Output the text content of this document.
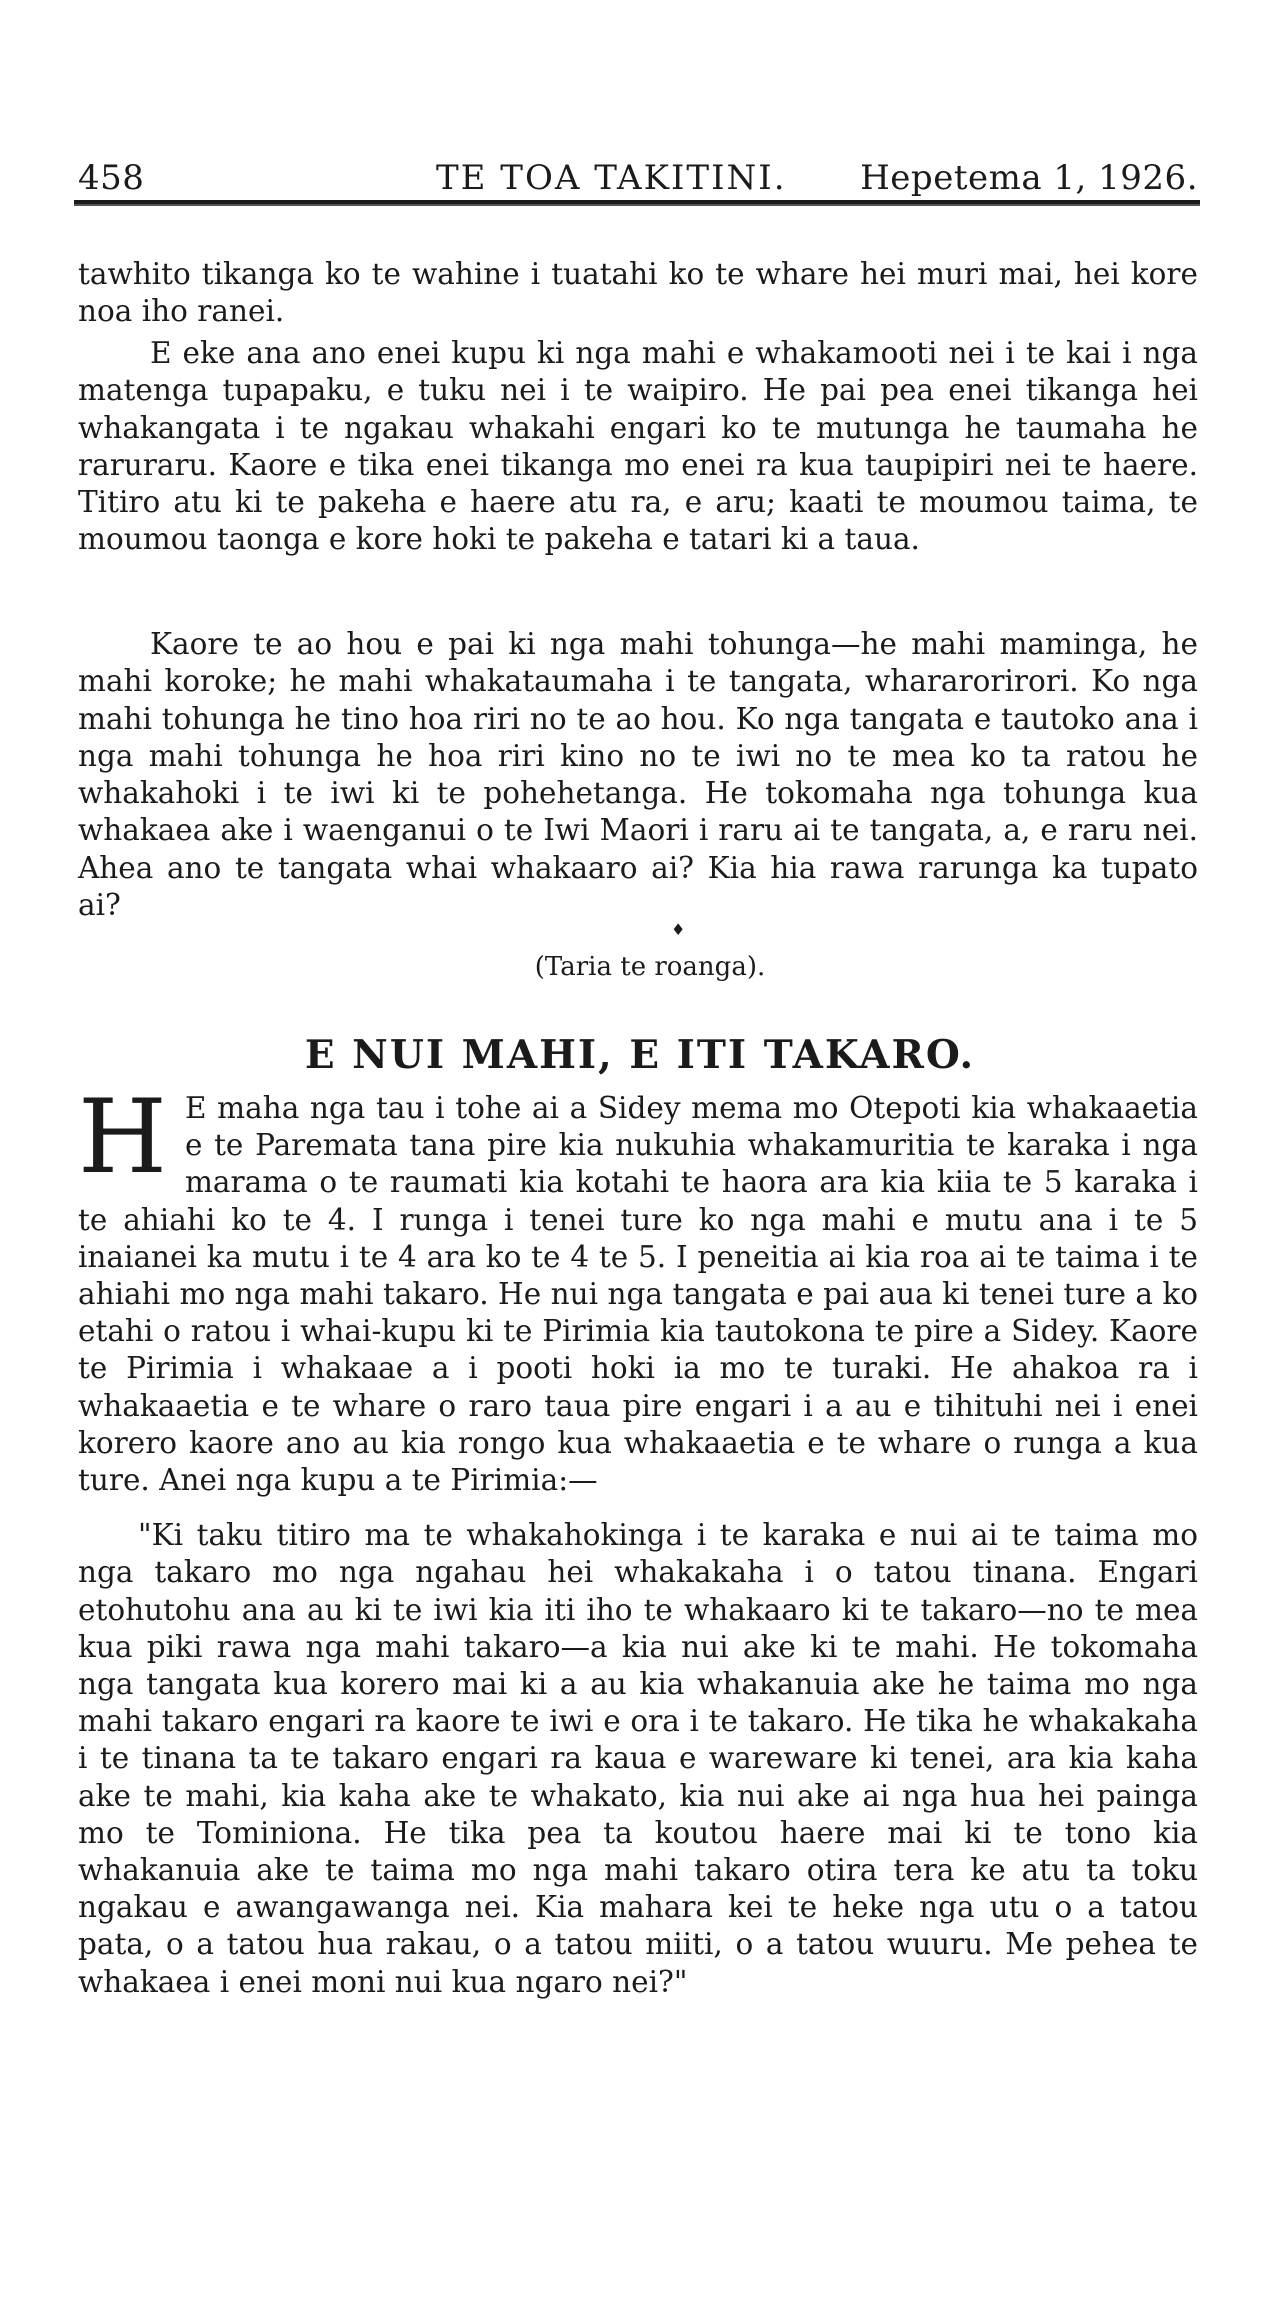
458	TE TOA TAKITINI. Hepetema 1, 1926.

tawhito tikanga ko te wahine i tuatahi ko te whare hei muri mai, hei kore noa iho ranei.

E eke ana ano enei kupu ki nga mahi e whakamooti nei i te kai i nga matenga tupapaku, e tuku nei i te waipiro. He pai pea enei tikanga hei whakangata i te ngakau whakahi engari ko te mutunga he taumaha he raruraru. Kaore e tika enei tikanga mo enei ra kua taupipiri nei te haere. Titiro atu ki te pakeha e haere atu ra, e aru; kaati te moumou taima, te moumou taonga e kore hoki te pakeha e tatari ki a taua.

Kaore te ao hou e pai ki nga mahi tohunga—he mahi maminga, he mahi koroke; he mahi whakataumaha i te tangata, whararorirori. Ko nga mahi tohunga he tino hoa riri no te ao hou. Ko nga tangata e tautoko ana i nga mahi tohunga he hoa riri kino no te iwi no te mea ko ta ratou he whakahoki i te iwi ki te pohehetanga. He tokomaha nga tohunga kua whakaea ake i waenganui o te Iwi Maori i raru ai te tangata, a, e raru nei. Ahea ano te tangata whai whakaaro ai? Kia hia rawa rarunga ka tupato ai?

♦
(Taria te roanga).
E NUI MAHI, E ITI TAKARO.

H E maha nga tau i tohe ai a Sidey mema mo Otepoti kia whakaaetia e te Paremata tana pire kia nukuhia whakamuritia te karaka i nga marama o te raumati kia kotahi te haora ara kia kiia te 5 karaka i te ahiahi ko te 4. I runga i tenei ture ko nga mahi e mutu ana i te 5 inaianei ka mutu i te 4 ara ko te 4 te 5. I peneitia ai kia roa ai te taima i te ahiahi mo nga mahi takaro. He nui nga tangata e pai aua ki tenei ture a ko etahi o ratou i whai-kupu ki te Pirimia kia tautokona te pire a Sidey. Kaore te Pirimia i whakaae a i pooti hoki ia mo te turaki. He ahakoa ra i whakaaetia e te whare o raro taua pire engari i a au e tihituhi nei i enei korero kaore ano au kia rongo kua whakaaetia e te whare o runga a kua ture. Anei nga kupu a te Pirimia:—

"Ki taku titiro ma te whakahokinga i te karaka e nui ai te taima mo nga takaro mo nga ngahau hei whakakaha i o tatou tinana. Engari etohutohu ana au ki te iwi kia iti iho te whakaaro ki te takaro—no te mea kua piki rawa nga mahi takaro—a kia nui ake ki te mahi. He tokomaha nga tangata kua korero mai ki a au kia whakanuia ake he taima mo nga mahi takaro engari ra kaore te iwi e ora i te takaro. He tika he whakakaha i te tinana ta te takaro engari ra kaua e wareware ki tenei, ara kia kaha ake te mahi, kia kaha ake te whakato, kia nui ake ai nga hua hei painga mo te Tominiona. He tika pea ta koutou haere mai ki te tono kia whakanuia ake te taima mo nga mahi takaro otira tera ke atu ta toku ngakau e awangawanga nei. Kia mahara kei te heke nga utu o a tatou pata, o a tatou hua rakau, o a tatou miiti, o a tatou wuuru. Me pehea te whakaea i enei moni nui kua ngaro nei?"
